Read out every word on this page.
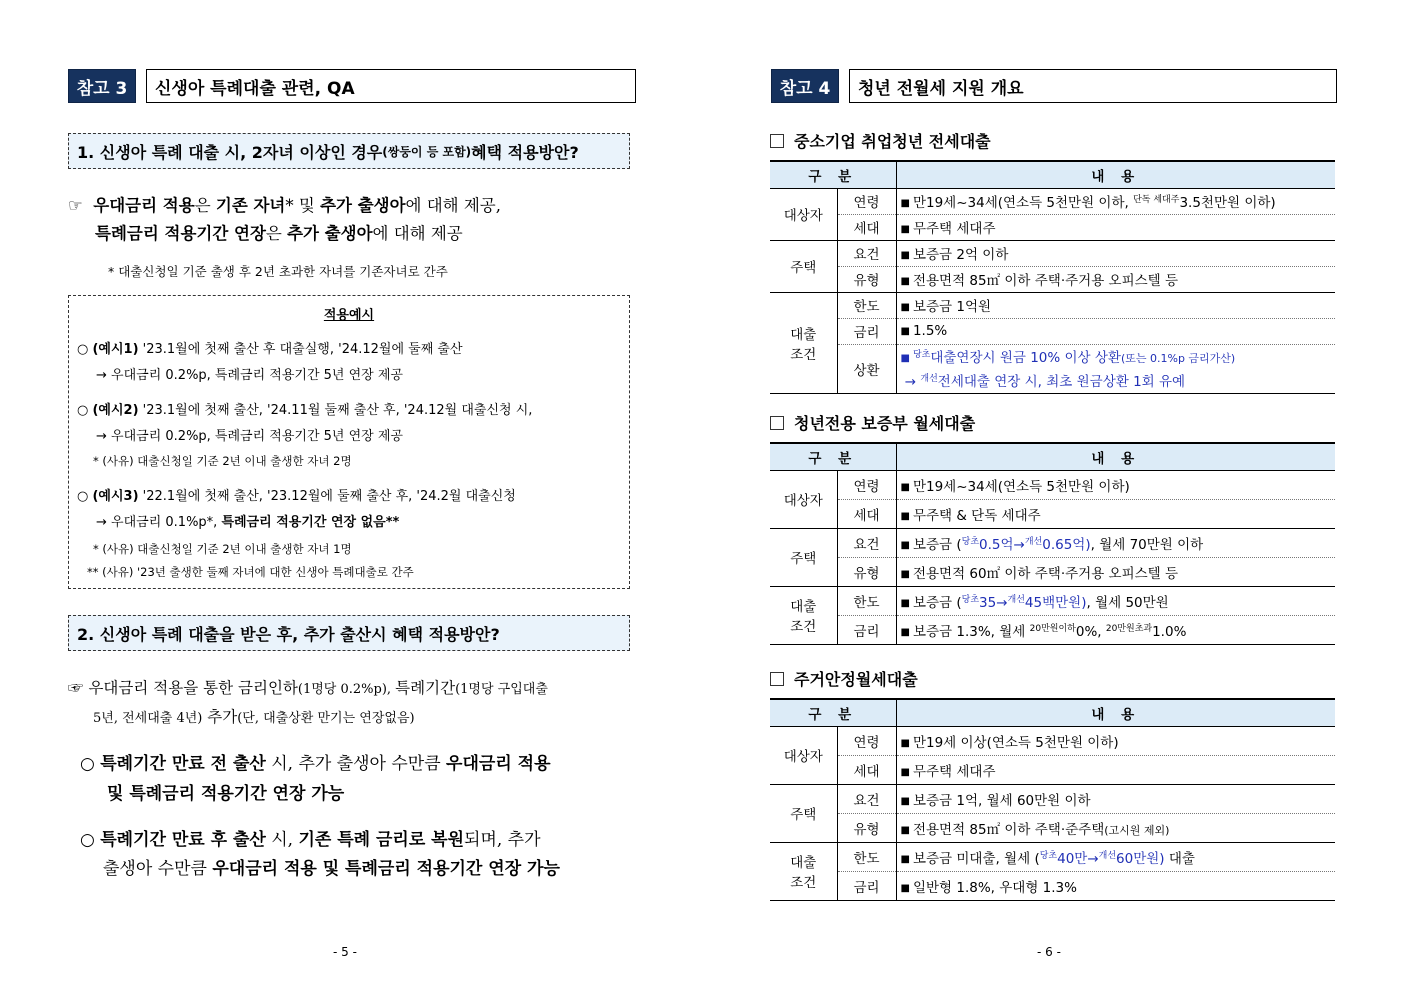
참고 3	신생아 특례대출 관련, QA
1. 신생아 특례 대출 시, 2자녀 이상인 경우 (쌍둥이 등 포함) 혜택 적용방안?
☞ 우대금리 적용은 기존 자녀* 및 추가 출생아에 대해 제공,
특례금리 적용기간 연장은 추가 출생아에 대해 제공
* 대출신청일 기준 출생 후 2년 초과한 자녀를 기존자녀로 간주
적용예시
○ (예시1) '23.1월에 첫째 출산 후 대출실행, '24.12월에 둘째 출산
→ 우대금리 0.2%p, 특례금리 적용기간 5년 연장 제공
○ (예시2) '23.1월에 첫째 출산, '24.11월 둘째 출산 후, '24.12월 대출신청 시,
→ 우대금리 0.2%p, 특례금리 적용기간 5년 연장 제공
* (사유) 대출신청일 기준 2년 이내 출생한 자녀 2명
○ (예시3) '22.1월에 첫째 출산, '23.12월에 둘째 출산 후, '24.2월 대출신청
→ 우대금리 0.1%p*, 특례금리 적용기간 연장 없음**
* (사유) 대출신청일 기준 2년 이내 출생한 자녀 1명
** (사유) '23년 출생한 둘째 자녀에 대한 신생아 특례대출로 간주
2. 신생아 특례 대출을 받은 후, 추가 출산시 혜택 적용방안?
☞ 우대금리 적용을 통한 금리인하(1명당 0.2%p), 특례기간(1명당 구입대출
5년, 전세대출 4년) 추가(단, 대출상환 만기는 연장없음)
○ 특례기간 만료 전 출산 시, 추가 출생아 수만큼 우대금리 적용
및 특례금리 적용기간 연장 가능
○ 특례기간 만료 후 출산 시, 기존 특례 금리로 복원되며, 추가
출생아 수만큼 우대금리 적용 및 특례금리 적용기간 연장 가능
- 5 -
참고 4	청년 전월세 지원 개요
중소기업 취업청년 전세대출
구 분		내 용
대상자	연령	■ 만19세~34세(연소득 5천만원 이하, $^{단독 세대주}$3.5천만원 이하)
	세대	■ 무주택 세대주
주택	요건	■ 보증금 2억 이하
	유형	■ 전용면적 85㎡ 이하 주택·주거용 오피스텔 등
대출
조건	한도	■ 보증금 1억원
	금리	■ 1.5%
	상환	■ $^{당초}$대출연장시 원금 10% 이상 상환(또는 0.1%p 금리가산)
→ $^{개선}$전세대출 연장 시, 최초 원금상환 1회 유예
청년전용 보증부 월세대출
구 분		내 용
대상자	연령	■ 만19세~34세(연소득 5천만원 이하)
	세대	■ 무주택 & 단독 세대주
주택	요건	■ 보증금 ($^{당초}$0.5억→$^{개선}$0.65억), 월세 70만원 이하
	유형	■ 전용면적 60㎡ 이하 주택·주거용 오피스텔 등
대출
조건	한도	■ 보증금 ($^{당초}$35→$^{개선}$45백만원), 월세 50만원
	금리	■ 보증금 1.3%, 월세 $^{20만원이하}$0%, $^{20만원초과}$1.0%
주거안정월세대출
구 분		내 용
대상자	연령	■ 만19세 이상(연소득 5천만원 이하)
	세대	■ 무주택 세대주
주택	요건	■ 보증금 1억, 월세 60만원 이하
	유형	■ 전용면적 85㎡ 이하 주택·준주택(고시원 제외)
대출
조건	한도	■ 보증금 미대출, 월세 ($^{당초}$40만→$^{개선}$60만원) 대출
	금리	■ 일반형 1.8%, 우대형 1.3%
- 6 -
